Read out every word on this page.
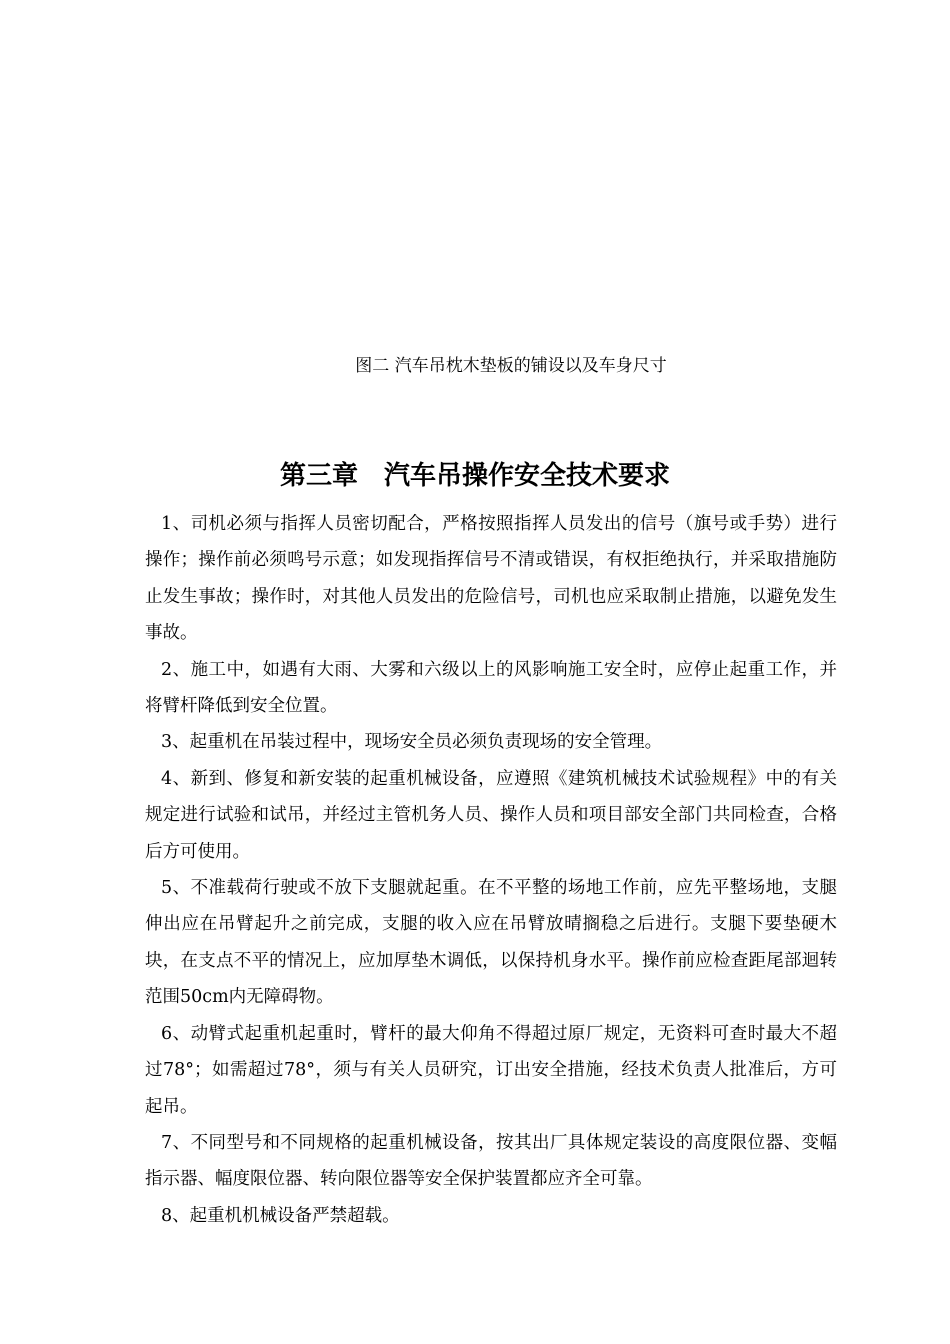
图二 汽车吊枕木垫板的铺设以及车身尺寸
第三章 汽车吊操作安全技术要求

1、司机必须与指挥人员密切配合，严格按照指挥人员发出的信号（旗号或手势）进行操作；操作前必须鸣号示意；如发现指挥信号不清或错误，有权拒绝执行，并采取措施防止发生事故；操作时，对其他人员发出的危险信号，司机也应采取制止措施，以避免发生事故。

2、施工中，如遇有大雨、大雾和六级以上的风影响施工安全时，应停止起重工作，并将臂杆降低到安全位置。

3、起重机在吊装过程中，现场安全员必须负责现场的安全管理。

4、新到、修复和新安装的起重机械设备，应遵照《建筑机械技术试验规程》中的有关规定进行试验和试吊，并经过主管机务人员、操作人员和项目部安全部门共同检查，合格后方可使用。

5、不准载荷行驶或不放下支腿就起重。在不平整的场地工作前，应先平整场地，支腿伸出应在吊臂起升之前完成，支腿的收入应在吊臂放晴搁稳之后进行。支腿下要垫硬木块，在支点不平的情况上，应加厚垫木调低，以保持机身水平。操作前应检查距尾部迴转范围50cm内无障碍物。

6、动臂式起重机起重时，臂杆的最大仰角不得超过原厂规定，无资料可查时最大不超过78°；如需超过78°，须与有关人员研究，订出安全措施，经技术负责人批准后，方可起吊。

7、不同型号和不同规格的起重机械设备，按其出厂具体规定装设的高度限位器、变幅指示器、幅度限位器、转向限位器等安全保护装置都应齐全可靠。

8、起重机机械设备严禁超载。
